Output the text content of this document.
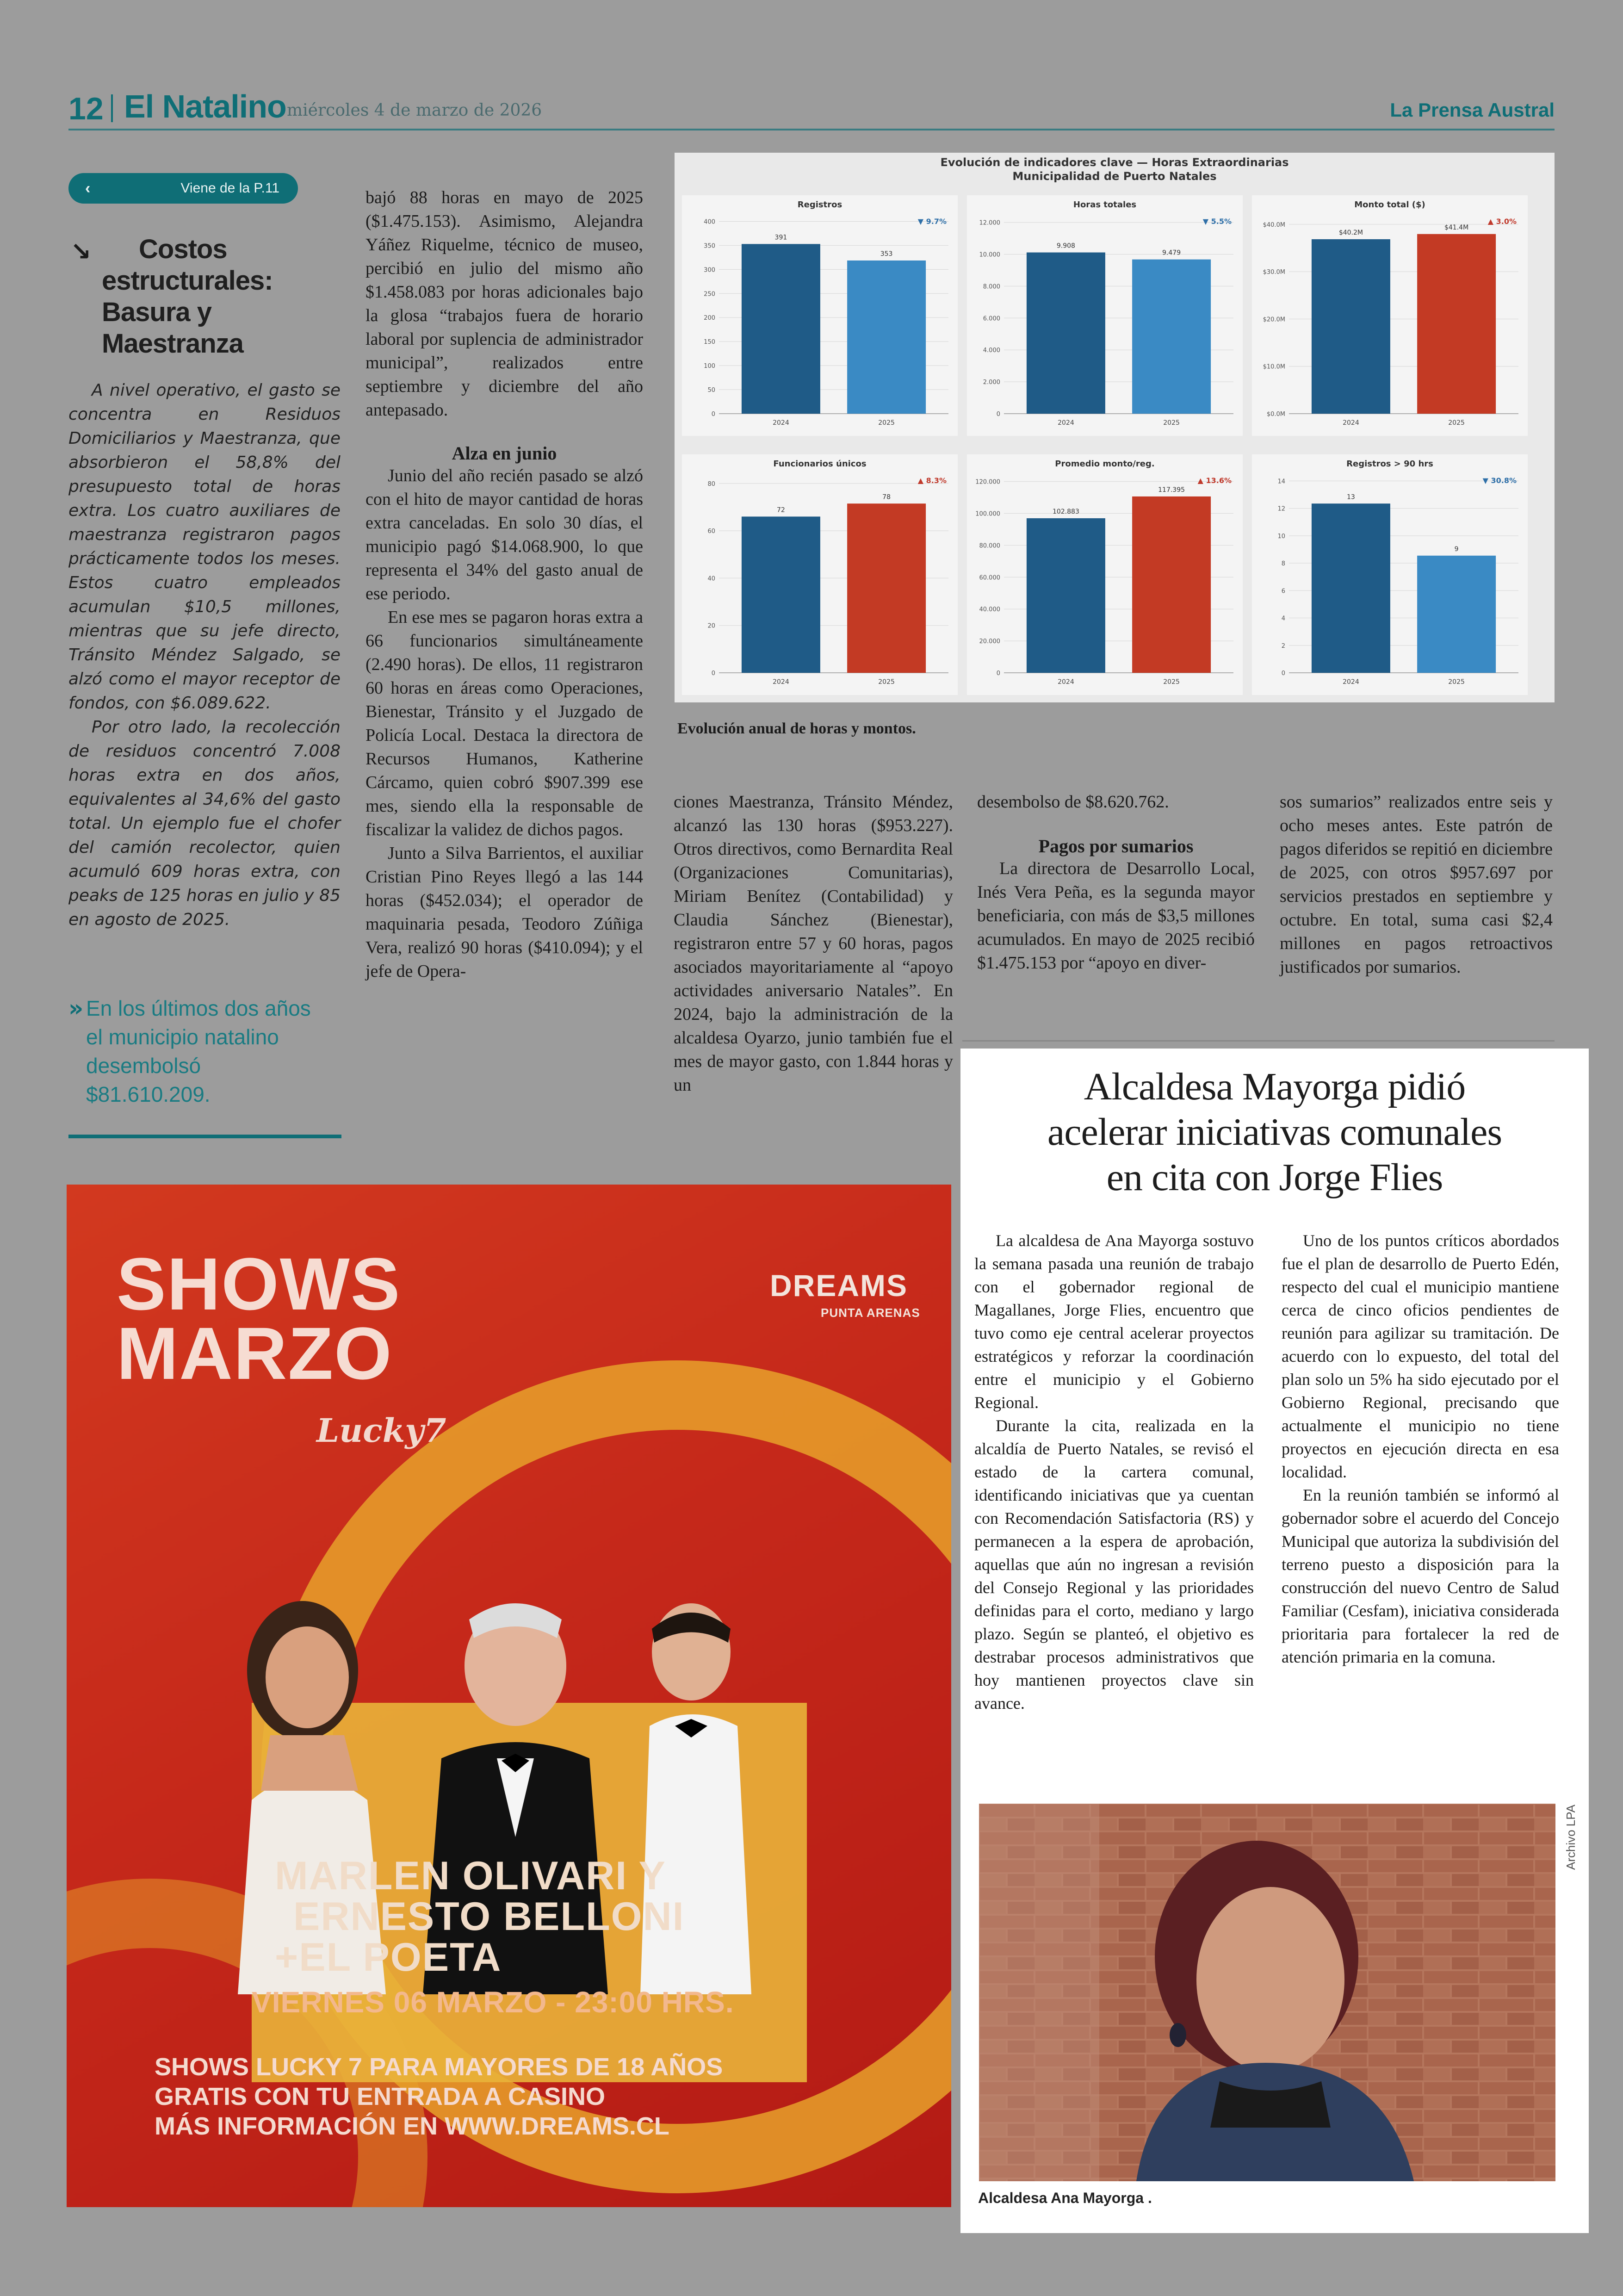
12 El Natalino miércoles 4 de marzo de 2026	La Prensa Austral
‹	Viene de la P.11
↘	Costos
estructurales:
Basura y
Maestranza

A nivel operativo, el gasto se concentra en Residuos Domiciliarios y Maestranza, que absorbieron el 58,8% del presupuesto total de horas extra. Los cuatro auxiliares de maestranza registraron pagos prácticamente todos los meses. Estos cuatro empleados acumulan $10,5 millones, mientras que su jefe directo, Tránsito Méndez Salgado, se alzó como el mayor receptor de fondos, con $6.089.622.

Por otro lado, la recolección de residuos concentró 7.008 horas extra en dos años, equivalentes al 34,6% del gasto total. Un ejemplo fue el chofer del camión recolector, quien acumuló 609 horas extra, con peaks de 125 horas en julio y 85 en agosto de 2025.

» En los últimos dos años el municipio natalino desembolsó $81.610.209.

bajó 88 horas en mayo de 2025 ($1.475.153). Asimismo, Alejandra Yáñez Riquelme, técnico de museo, percibió en julio del mismo año $1.458.083 por horas adicionales bajo la glosa “trabajos fuera de horario laboral por suplencia de administrador municipal”, realizados entre septiembre y diciembre del año antepasado.

Alza en junio

Junio del año recién pasado se alzó con el hito de mayor cantidad de horas extra canceladas. En solo 30 días, el municipio pagó $14.068.900, lo que representa el 34% del gasto anual de ese periodo.

En ese mes se pagaron horas extra a 66 funcionarios simultáneamente (2.490 horas). De ellos, 11 registraron 60 horas en áreas como Operaciones, Bienestar, Tránsito y el Juzgado de Policía Local. Destaca la directora de Recursos Humanos, Katherine Cárcamo, quien cobró $907.399 ese mes, siendo ella la responsable de fiscalizar la validez de dichos pagos.

Junto a Silva Barrientos, el auxiliar Cristian Pino Reyes llegó a las 144 horas ($452.034); el operador de maquinaria pesada, Teodoro Zúñiga Vera, realizó 90 horas ($410.094); y el jefe de Opera-

Evolución de indicadores clave — Horas Extraordinarias
Municipalidad de Puerto Natales
Registros
0
50
100
150
200
250
300
350
400
391
2024
353
2025
▼ 9.7%
Horas totales
0
2.000
4.000
6.000
8.000
10.000
12.000
9.908
2024
9.479
2025
▼ 5.5%
Monto total ($)
$0.0M
$10.0M
$20.0M
$30.0M
$40.0M
$40.2M
2024
$41.4M
2025
▲ 3.0%
Funcionarios únicos
0
20
40
60
80
72
2024
78
2025
▲ 8.3%
Promedio monto/reg.
0
20.000
40.000
60.000
80.000
100.000
120.000
102.883
2024
117.395
2025
▲ 13.6%
Registros > 90 hrs
0
2
4
6
8
10
12
14
13
2024
9
2025
▼ 30.8%
Evolución anual de horas y montos.

ciones Maestranza, Tránsito Méndez, alcanzó las 130 horas ($953.227). Otros directivos, como Bernardita Real (Organizaciones Comunitarias), Miriam Benítez (Contabilidad) y Claudia Sánchez (Bienestar), registraron entre 57 y 60 horas, pagos asociados mayoritariamente al “apoyo actividades aniversario Natales”. En 2024, bajo la administración de la alcaldesa Oyarzo, junio también fue el mes de mayor gasto, con 1.844 horas y un

desembolso de $8.620.762.

Pagos por sumarios

La directora de Desarrollo Local, Inés Vera Peña, es la segunda mayor beneficiaria, con más de $3,5 millones acumulados. En mayo de 2025 recibió $1.475.153 por “apoyo en diver-

sos sumarios” realizados entre seis y ocho meses antes. Este patrón de pagos diferidos se repitió en diciembre de 2025, con otros $957.697 por servicios prestados en septiembre y octubre. En total, suma casi $2,4 millones en pagos retroactivos justificados por sumarios.

SHOWS
MARZO
Lucky7
DREAMS
PUNTA ARENAS
MARLEN OLIVARI Y
ERNESTO BELLONI
+EL POETA
VIERNES 06 MARZO - 23:00 HRS.
SHOWS LUCKY 7 PARA MAYORES DE 18 AÑOS
GRATIS CON TU ENTRADA A CASINO
MÁS INFORMACIÓN EN WWW.DREAMS.CL
Alcaldesa Mayorga pidió
acelerar iniciativas comunales
en cita con Jorge Flies

La alcaldesa de Ana Mayorga sostuvo la semana pasada una reunión de trabajo con el gobernador regional de Magallanes, Jorge Flies, encuentro que tuvo como eje central acelerar proyectos estratégicos y reforzar la coordinación entre el municipio y el Gobierno Regional.

Durante la cita, realizada en la alcaldía de Puerto Natales, se revisó el estado de la cartera comunal, identificando iniciativas que ya cuentan con Recomendación Satisfactoria (RS) y permanecen a la espera de aprobación, aquellas que aún no ingresan a revisión del Consejo Regional y las prioridades definidas para el corto, mediano y largo plazo. Según se planteó, el objetivo es destrabar procesos administrativos que hoy mantienen proyectos clave sin avance.

Uno de los puntos críticos abordados fue el plan de desarrollo de Puerto Edén, respecto del cual el municipio mantiene cerca de cinco oficios pendientes de reunión para agilizar su tramitación. De acuerdo con lo expuesto, del total del plan solo un 5% ha sido ejecutado por el Gobierno Regional, precisando que actualmente el municipio no tiene proyectos en ejecución directa en esa localidad.

En la reunión también se informó al gobernador sobre el acuerdo del Concejo Municipal que autoriza la subdivisión del terreno puesto a disposición para la construcción del nuevo Centro de Salud Familiar (Cesfam), iniciativa considerada prioritaria para fortalecer la red de atención primaria en la comuna.

Archivo LPA
Alcaldesa Ana Mayorga .
